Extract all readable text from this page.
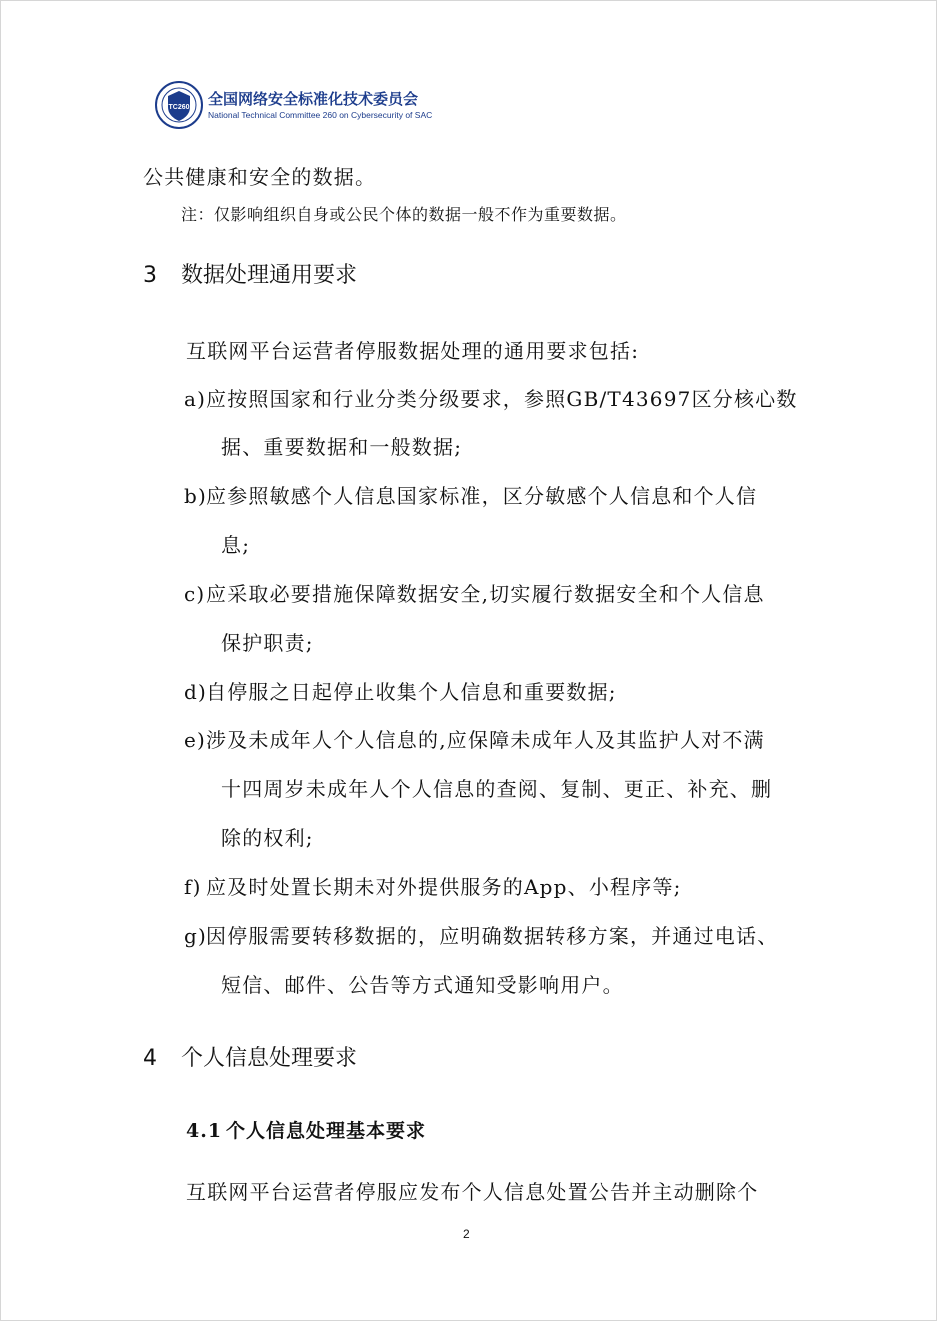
TC260 全国网络安全标准化技术委员会
National Technical Committee 260 on Cybersecurity of SAC
公共健康和安全的数据。
注：仅影响组织自身或公民个体的数据一般不作为重要数据。
3 数据处理通用要求
互联网平台运营者停服数据处理的通用要求包括:
a)应按照国家和行业分类分级要求，参照GB/T43697区分核心数
据、重要数据和一般数据;
b)应参照敏感个人信息国家标准，区分敏感个人信息和个人信
息;
c)应采取必要措施保障数据安全,切实履行数据安全和个人信息
保护职责;
d)自停服之日起停止收集个人信息和重要数据;
e)涉及未成年人个人信息的,应保障未成年人及其监护人对不满
十四周岁未成年人个人信息的查阅、复制、更正、补充、删
除的权利;
f) 应及时处置长期未对外提供服务的App、小程序等;
g)因停服需要转移数据的，应明确数据转移方案，并通过电话、
短信、邮件、公告等方式通知受影响用户。
4 个人信息处理要求
4.1 个人信息处理基本要求
互联网平台运营者停服应发布个人信息处置公告并主动删除个
2
